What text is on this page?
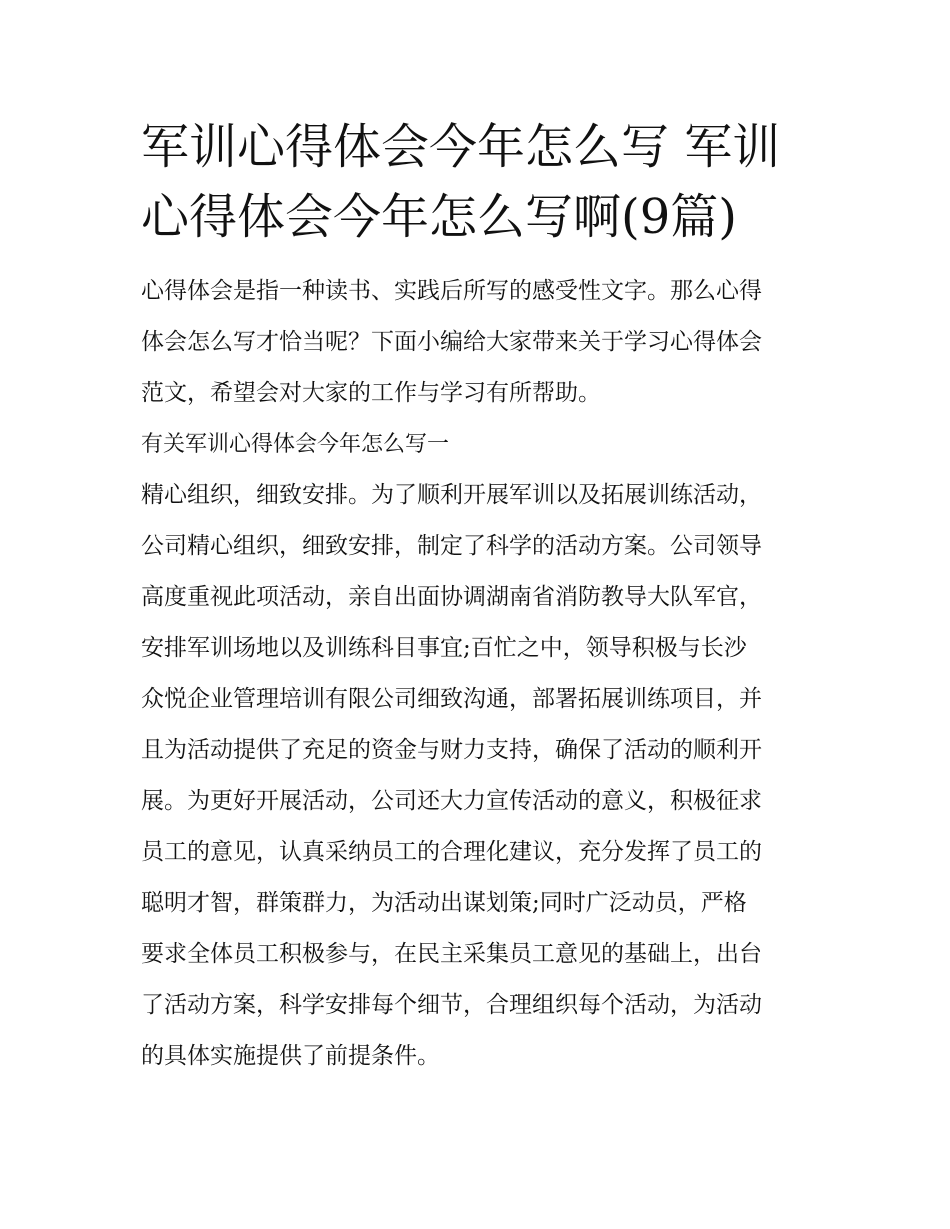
军训心得体会今年怎么写 军训
心得体会今年怎么写啊(9篇)
心得体会是指一种读书、实践后所写的感受性文字。那么心得
体会怎么写才恰当呢？下面小编给大家带来关于学习心得体会
范文，希望会对大家的工作与学习有所帮助。
有关军训心得体会今年怎么写一
精心组织，细致安排。为了顺利开展军训以及拓展训练活动，
公司精心组织，细致安排，制定了科学的活动方案。公司领导
高度重视此项活动，亲自出面协调湖南省消防教导大队军官，
安排军训场地以及训练科目事宜;百忙之中，领导积极与长沙
众悦企业管理培训有限公司细致沟通，部署拓展训练项目，并
且为活动提供了充足的资金与财力支持，确保了活动的顺利开
展。为更好开展活动，公司还大力宣传活动的意义，积极征求
员工的意见，认真采纳员工的合理化建议，充分发挥了员工的
聪明才智，群策群力，为活动出谋划策;同时广泛动员，严格
要求全体员工积极参与，在民主采集员工意见的基础上，出台
了活动方案，科学安排每个细节，合理组织每个活动，为活动
的具体实施提供了前提条件。
